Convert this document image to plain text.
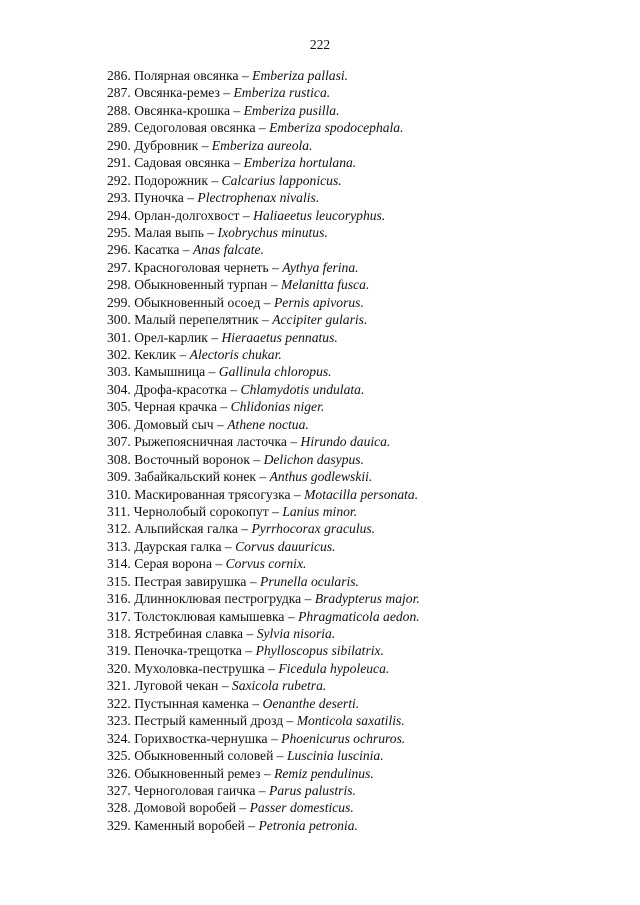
222
286. Полярная овсянка – Emberiza pallasi.
287. Овсянка-ремез – Emberiza rustica.
288. Овсянка-крошка – Emberiza pusilla.
289. Седоголовая овсянка – Emberiza spodocephala.
290. Дубровник – Emberiza aureola.
291. Садовая овсянка – Emberiza hortulana.
292. Подорожник – Calcarius lapponicus.
293. Пуночка – Plectrophenax nivalis.
294. Орлан-долгохвост – Haliaeetus leucoryphus.
295. Малая выпь – Ixobrychus minutus.
296. Касатка – Anas falcate.
297. Красноголовая чернеть – Aythya ferina.
298. Обыкновенный турпан – Melanitta fusca.
299. Обыкновенный осоед – Pernis apivorus.
300. Малый перепелятник – Accipiter gularis.
301. Орел-карлик – Hieraaetus pennatus.
302. Кеклик – Alectoris chukar.
303. Камышница – Gallinula chloropus.
304. Дрофа-красотка – Chlamydotis undulata.
305. Черная крачка – Chlidonias niger.
306. Домовый сыч – Athene noctua.
307. Рыжепоясничная ласточка – Hirundo dauica.
308. Восточный воронок – Delichon dasypus.
309. Забайкальский конек – Anthus godlewskii.
310. Маскированная трясогузка – Motacilla personata.
311. Чернолобый сорокопут – Lanius minor.
312. Альпийская галка – Pyrrhocorax graculus.
313. Даурская галка – Corvus dauuricus.
314. Серая ворона – Corvus cornix.
315. Пестрая завирушка – Prunella ocularis.
316. Длинноклювая пестрогрудка – Bradypterus major.
317. Толстоклювая камышевка – Phragmaticola aedon.
318. Ястребиная славка – Sylvia nisoria.
319. Пеночка-трещотка – Phylloscopus sibilatrix.
320. Мухоловка-пеструшка – Ficedula hypoleuca.
321. Луговой чекан – Saxicola rubetra.
322. Пустынная каменка – Oenanthe deserti.
323. Пестрый каменный дрозд – Monticola saxatilis.
324. Горихвостка-чернушка – Phoenicurus ochruros.
325. Обыкновенный соловей – Luscinia luscinia.
326. Обыкновенный ремез – Remiz pendulinus.
327. Черноголовая гаичка – Parus palustris.
328. Домовой воробей – Passer domesticus.
329. Каменный воробей – Petronia petronia.
